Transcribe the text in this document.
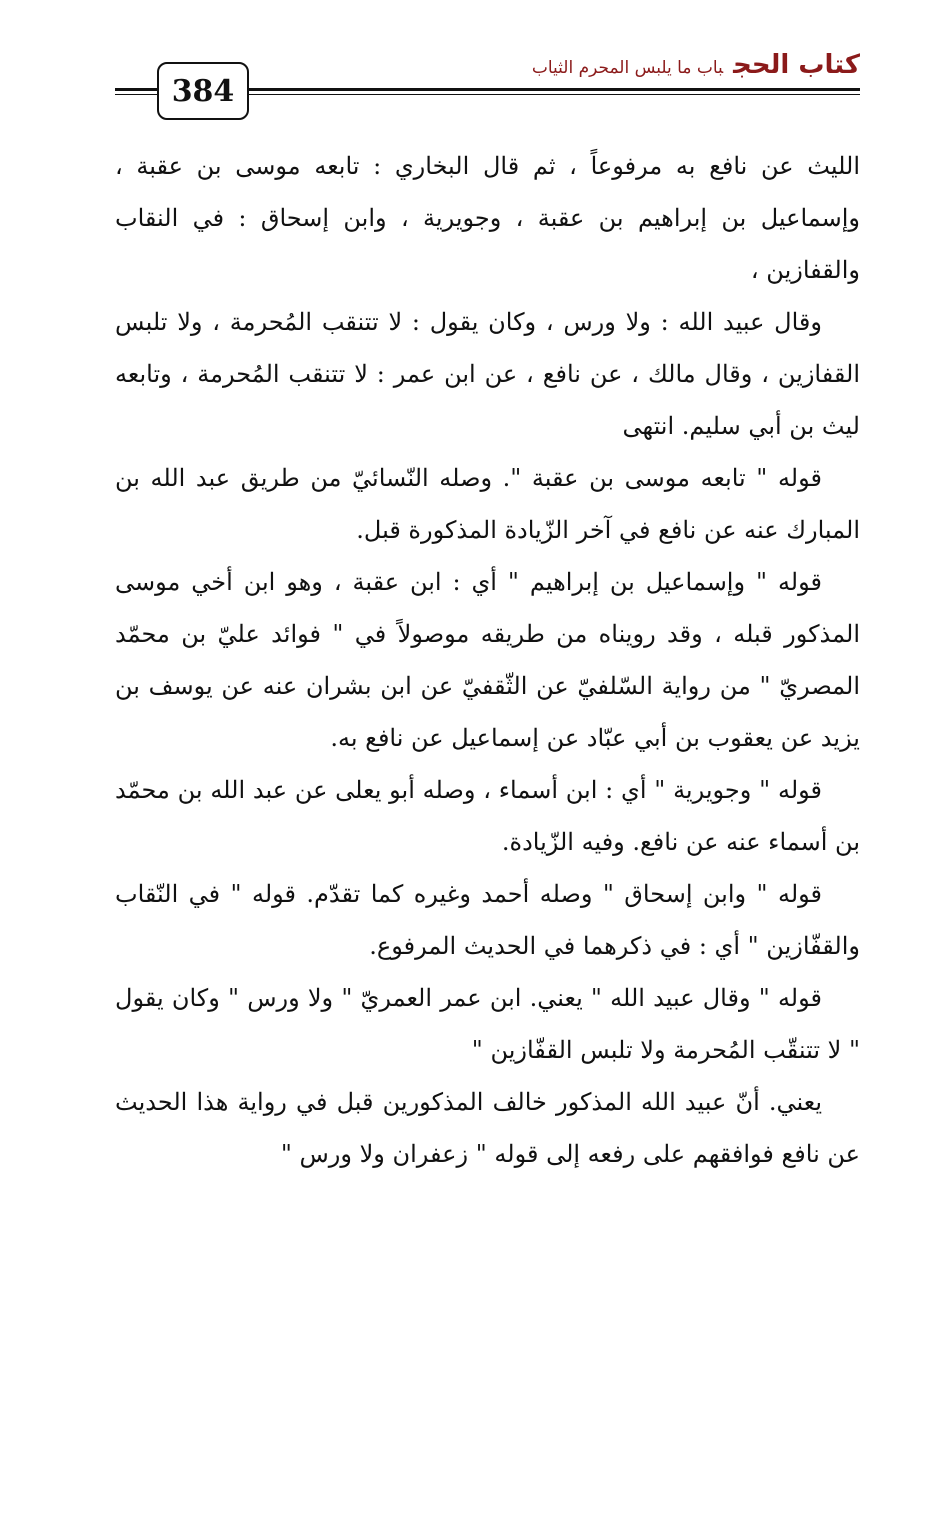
384
كتاب الحجباب ما يلبس المحرم الثياب

الليث عن نافع به مرفوعاً ، ثم قال البخاري : تابعه موسى بن عقبة ، وإسماعيل بن إبراهيم بن عقبة ، وجويرية ، وابن إسحاق : في النقاب والقفازين ،

وقال عبيد الله : ولا ورس ، وكان يقول : لا تتنقب المُحرمة ، ولا تلبس القفازين ، وقال مالك ، عن نافع ، عن ابن عمر : لا تتنقب المُحرمة ، وتابعه ليث بن أبي سليم. انتهى

قوله " تابعه موسى بن عقبة ". وصله النّسائيّ من طريق عبد الله بن المبارك عنه عن نافع في آخر الزّيادة المذكورة قبل.

قوله " وإسماعيل بن إبراهيم " أي : ابن عقبة ، وهو ابن أخي موسى المذكور قبله ، وقد رويناه من طريقه موصولاً في " فوائد عليّ بن محمّد المصريّ " من رواية السّلفيّ عن الثّقفيّ عن ابن بشران عنه عن يوسف بن يزيد عن يعقوب بن أبي عبّاد عن إسماعيل عن نافع به.

قوله " وجويرية " أي : ابن أسماء ، وصله أبو يعلى عن عبد الله بن محمّد بن أسماء عنه عن نافع. وفيه الزّيادة.

قوله " وابن إسحاق " وصله أحمد وغيره كما تقدّم. قوله " في النّقاب والقفّازين " أي : في ذكرهما في الحديث المرفوع.

قوله " وقال عبيد الله " يعني. ابن عمر العمريّ " ولا ورس " وكان يقول " لا تتنقّب المُحرمة ولا تلبس القفّازين "

يعني. أنّ عبيد الله المذكور خالف المذكورين قبل في رواية هذا الحديث عن نافع فوافقهم على رفعه إلى قوله " زعفران ولا ورس "
